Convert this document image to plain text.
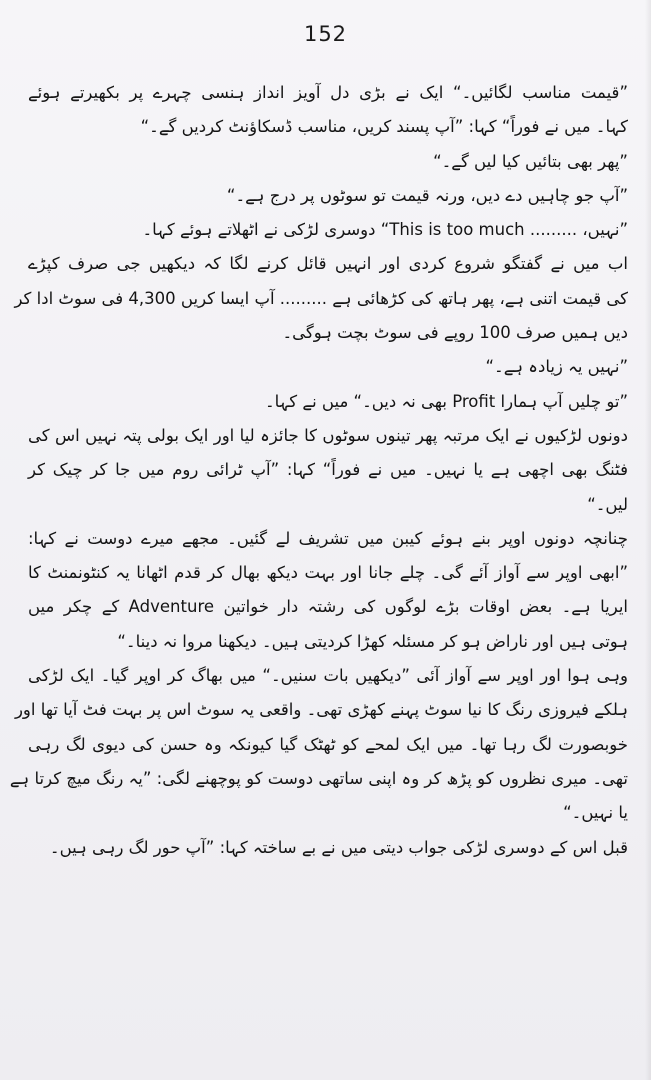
152
”قیمت مناسب لگائیں۔“ ایک نے بڑی دل آویز انداز ہنسی چہرے پر بکھیرتے ہوئے
کہا۔ میں نے فوراً“ کہا: ”آپ پسند کریں، مناسب ڈسکاؤنٹ کردیں گے۔“
”پھر بھی بتائیں کیا لیں گے۔“
”آپ جو چاہیں دے دیں، ورنہ قیمت تو سوٹوں پر درج ہے۔“
”نہیں، ......... This is too much“ دوسری لڑکی نے اٹھلاتے ہوئے کہا۔
اب میں نے گفتگو شروع کردی اور انہیں قائل کرنے لگا کہ دیکھیں جی صرف کپڑے
کی قیمت اتنی ہے، پھر ہاتھ کی کڑھائی ہے ......... آپ ایسا کریں 4,300 فی سوٹ ادا کر
دیں ہمیں صرف 100 روپے فی سوٹ بچت ہوگی۔
”نہیں یہ زیادہ ہے۔“
”تو چلیں آپ ہمارا Profit بھی نہ دیں۔“ میں نے کہا۔
دونوں لڑکیوں نے ایک مرتبہ پھر تینوں سوٹوں کا جائزہ لیا اور ایک بولی پتہ نہیں اس کی
فٹنگ بھی اچھی ہے یا نہیں۔ میں نے فوراً“ کہا: ”آپ ٹرائی روم میں جا کر چیک کر
لیں۔“
چنانچہ دونوں اوپر بنے ہوئے کیبن میں تشریف لے گئیں۔ مجھے میرے دوست نے کہا:
”ابھی اوپر سے آواز آئے گی۔ چلے جانا اور بہت دیکھ بھال کر قدم اٹھانا یہ کنٹونمنٹ کا
ایریا ہے۔ بعض اوقات بڑے لوگوں کی رشتہ دار خواتین Adventure کے چکر میں
ہوتی ہیں اور ناراض ہو کر مسئلہ کھڑا کردیتی ہیں۔ دیکھنا مروا نہ دینا۔“
وہی ہوا اور اوپر سے آواز آئی ”دیکھیں بات سنیں۔“ میں بھاگ کر اوپر گیا۔ ایک لڑکی
ہلکے فیروزی رنگ کا نیا سوٹ پہنے کھڑی تھی۔ واقعی یہ سوٹ اس پر بہت فٹ آیا تھا اور
خوبصورت لگ رہا تھا۔ میں ایک لمحے کو ٹھٹک گیا کیونکہ وہ حسن کی دیوی لگ رہی
تھی۔ میری نظروں کو پڑھ کر وہ اپنی ساتھی دوست کو پوچھنے لگی: ”یہ رنگ میچ کرتا ہے
یا نہیں۔“
قبل اس کے دوسری لڑکی جواب دیتی میں نے بے ساختہ کہا: ”آپ حور لگ رہی ہیں۔
